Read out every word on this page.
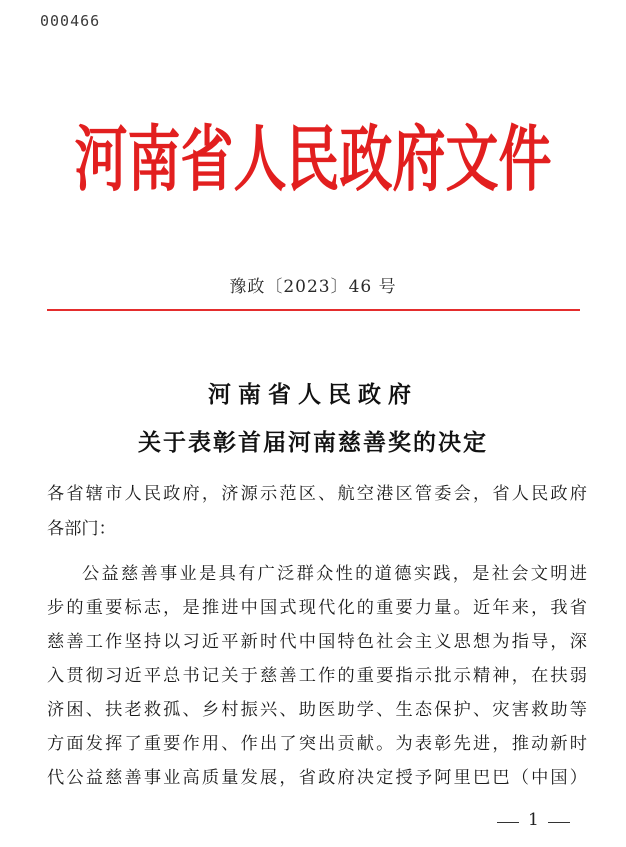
000466
河南省人民政府文件
豫政〔2023〕46 号
河南省人民政府
关于表彰首届河南慈善奖的决定
各省辖市人民政府，济源示范区、航空港区管委会，省人民政府
各部门：
公益慈善事业是具有广泛群众性的道德实践，是社会文明进
步的重要标志，是推进中国式现代化的重要力量。近年来，我省
慈善工作坚持以习近平新时代中国特色社会主义思想为指导，深
入贯彻习近平总书记关于慈善工作的重要指示批示精神，在扶弱
济困、扶老救孤、乡村振兴、助医助学、生态保护、灾害救助等
方面发挥了重要作用、作出了突出贡献。为表彰先进，推动新时
代公益慈善事业高质量发展，省政府决定授予阿里巴巴（中国）
1
